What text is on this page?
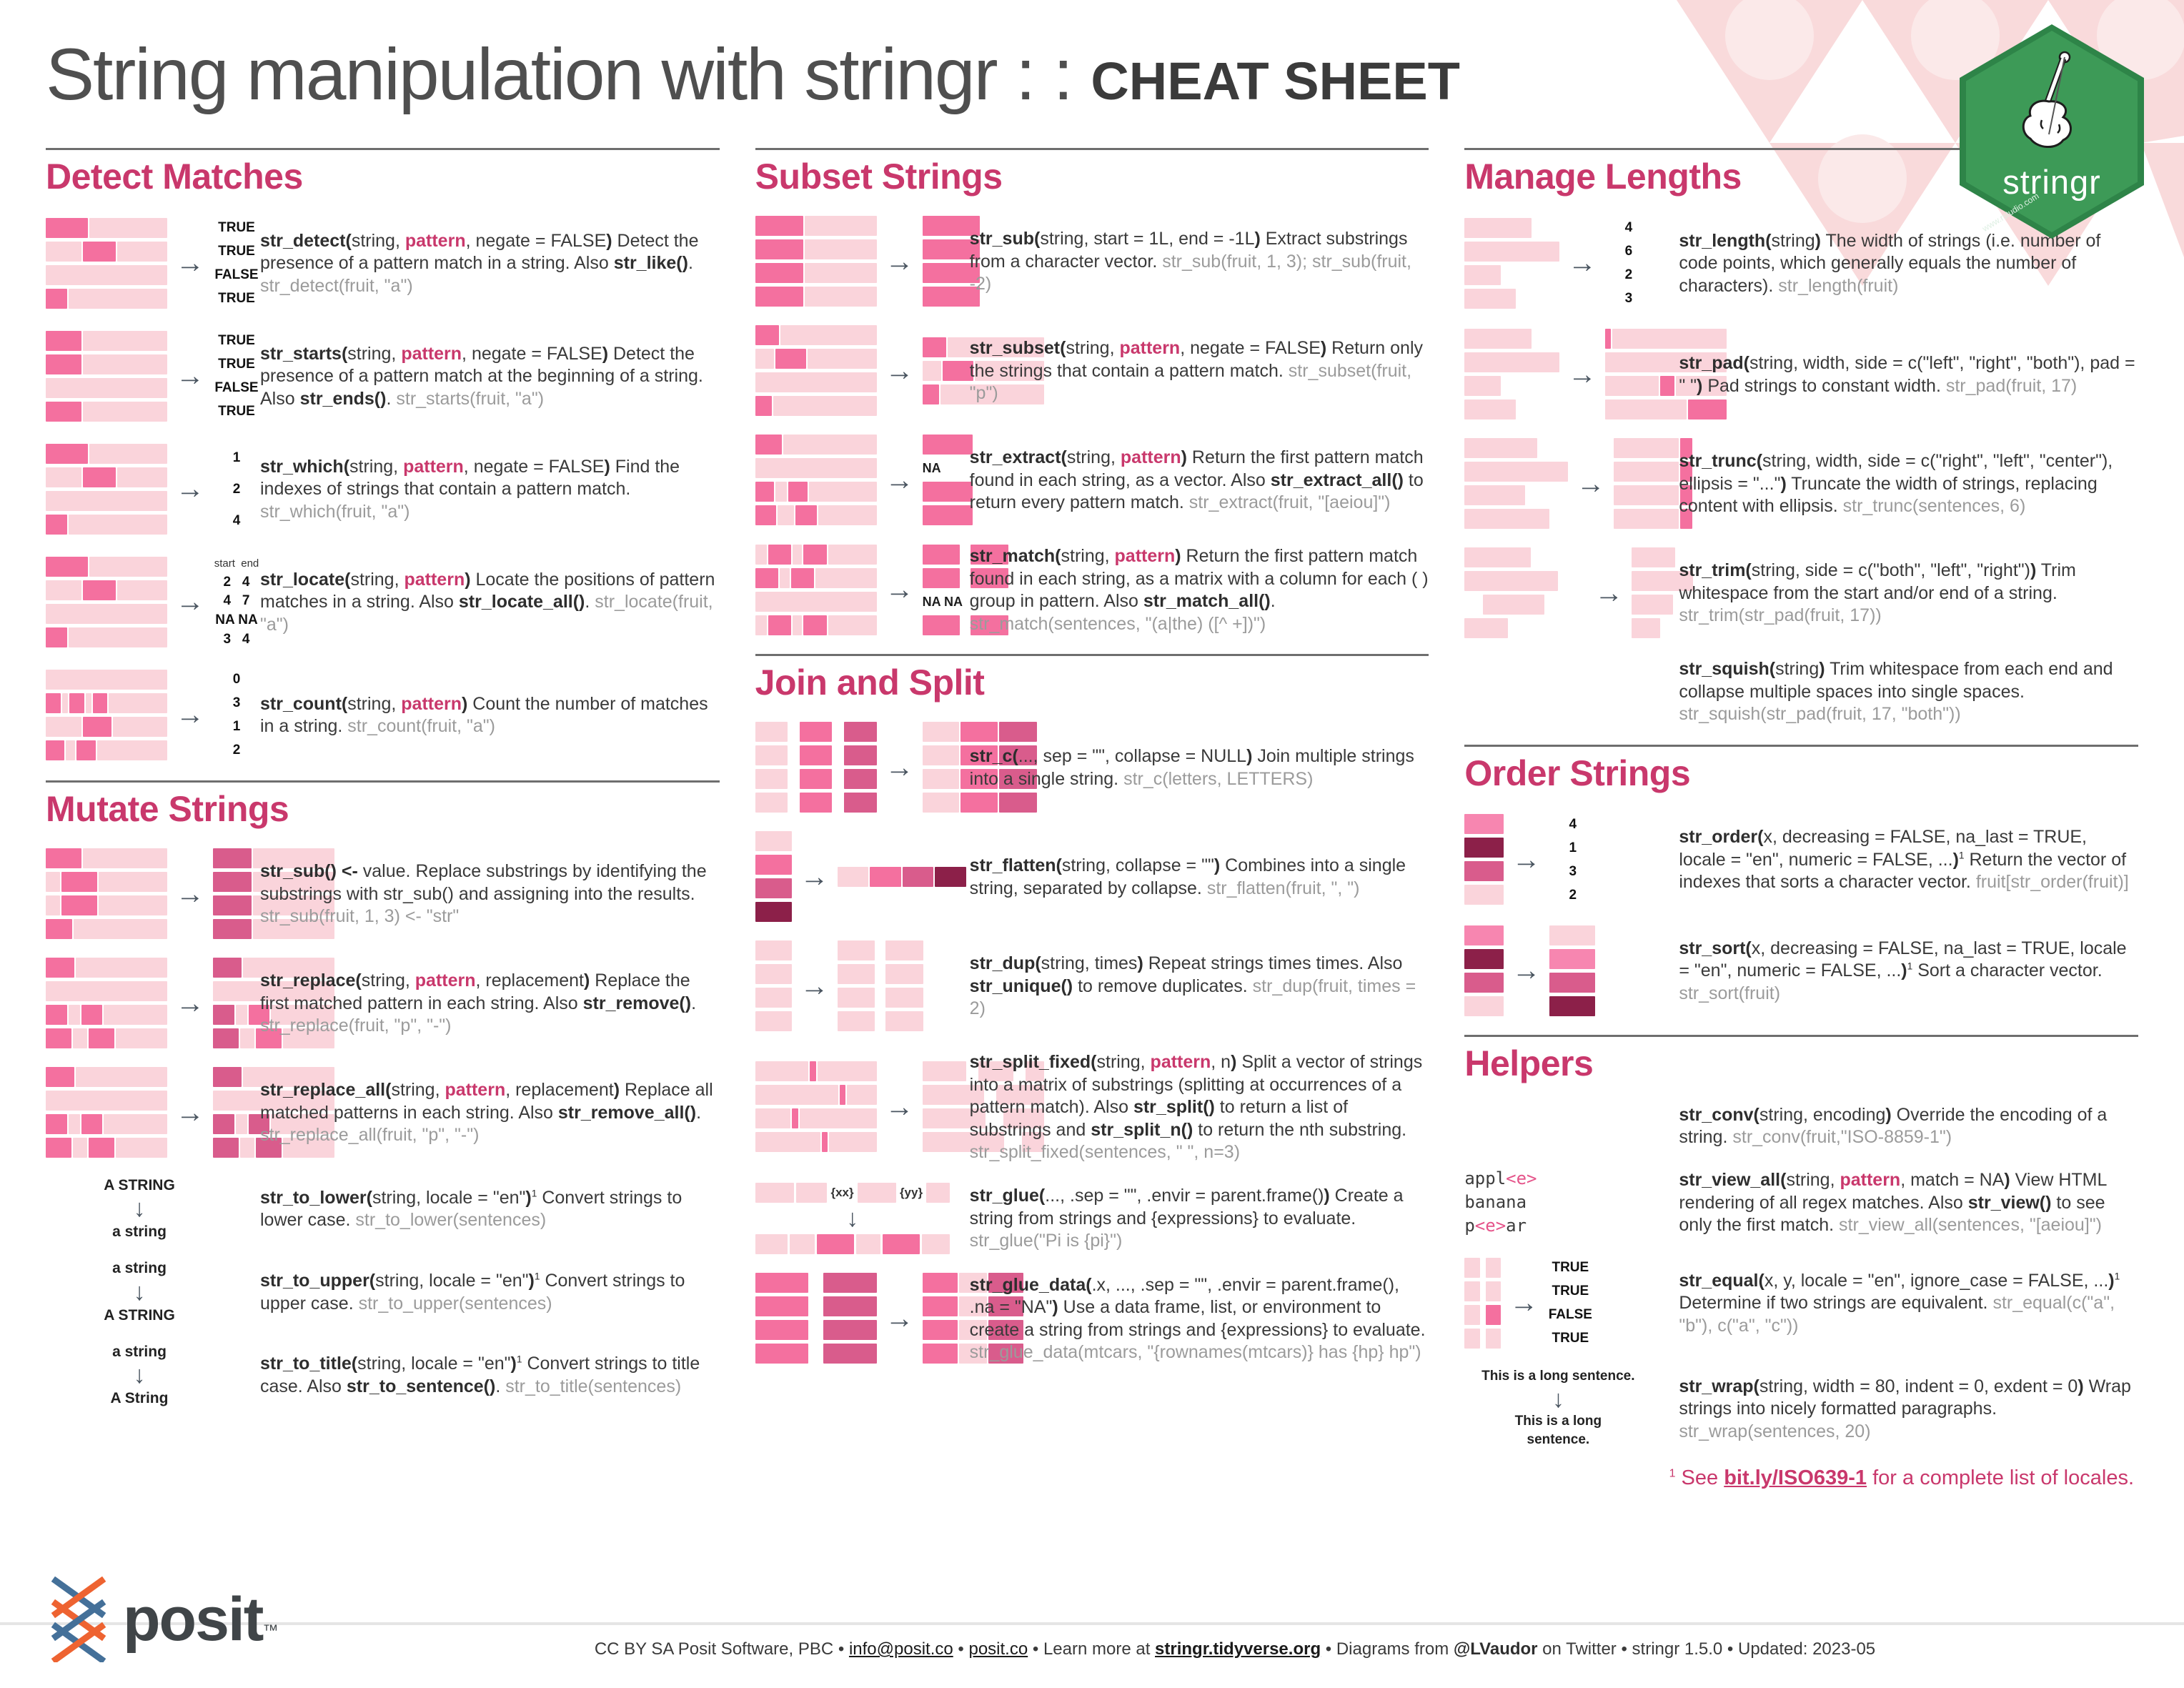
stringr
www.rstudio.com
String manipulation with stringr : : CHEAT SHEET
Detect Matches
→
TRUE
TRUE
FALSE
TRUE
str_detect(string, pattern, negate = FALSE) Detect the presence of a pattern match in a string. Also str_like(). str_detect(fruit, "a")
→
TRUE
TRUE
FALSE
TRUE
str_starts(string, pattern, negate = FALSE) Detect the presence of a pattern match at the beginning of a string. Also str_ends(). str_starts(fruit, "a")
→
1
2
4
str_which(string, pattern, negate = FALSE) Find the indexes of strings that contain a pattern match. str_which(fruit, "a")
→
start  end
2   4
4   7
NA NA
3   4
str_locate(string, pattern) Locate the positions of pattern matches in a string. Also str_locate_all(). str_locate(fruit, "a")
→
0
3
1
2
str_count(string, pattern) Count the number of matches in a string. str_count(fruit, "a")
Mutate Strings
→
str_sub() <- value. Replace substrings by identifying the substrings with str_sub() and assigning into the results. str_sub(fruit, 1, 3) <- "str"
→
str_replace(string, pattern, replacement) Replace the first matched pattern in each string. Also str_remove(). str_replace(fruit, "p", "-")
→
str_replace_all(string, pattern, replacement) Replace all matched patterns in each string. Also str_remove_all(). str_replace_all(fruit, "p", "-")
A STRING
↓
a string
str_to_lower(string, locale = "en")$^1$ Convert strings to lower case. str_to_lower(sentences)
a string
↓
A STRING
str_to_upper(string, locale = "en")$^1$ Convert strings to upper case. str_to_upper(sentences)
a string
↓
A String
str_to_title(string, locale = "en")$^1$ Convert strings to title case. Also str_to_sentence(). str_to_title(sentences)
Subset Strings
→
str_sub(string, start = 1L, end = -1L) Extract substrings from a character vector. str_sub(fruit, 1, 3); str_sub(fruit, -2)
→
str_subset(string, pattern, negate = FALSE) Return only the strings that contain a pattern match. str_subset(fruit, "p")
→ NA
str_extract(string, pattern) Return the first pattern match found in each string, as a vector. Also str_extract_all() to return every pattern match. str_extract(fruit, "[aeiou]")
→ NA NA
str_match(string, pattern) Return the first pattern match found in each string, as a matrix with a column for each ( ) group in pattern. Also str_match_all(). str_match(sentences, "(a|the) ([^ +])")
Join and Split
→	str_c(..., sep = "", collapse = NULL) Join multiple strings into a single string. str_c(letters, LETTERS)
→	str_flatten(string, collapse = "") Combines into a single string, separated by collapse. str_flatten(fruit, ", ")
→
str_dup(string, times) Repeat strings times times. Also str_unique() to remove duplicates. str_dup(fruit, times = 2)
→
str_split_fixed(string, pattern, n) Split a vector of strings into a matrix of substrings (splitting at occurrences of a pattern match). Also str_split() to return a list of substrings and str_split_n() to return the nth substring. str_split_fixed(sentences, " ", n=3)
{xx}	{yy}
↓
str_glue(..., .sep = "", .envir = parent.frame()) Create a string from strings and {expressions} to evaluate. str_glue("Pi is {pi}")
→
str_glue_data(.x, ..., .sep = "", .envir = parent.frame(), .na = "NA") Use a data frame, list, or environment to create a string from strings and {expressions} to evaluate. str_glue_data(mtcars, "{rownames(mtcars)} has {hp} hp")
Manage Lengths
→
4
6
2
3
str_length(string) The width of strings (i.e. number of code points, which generally equals the number of characters). str_length(fruit)
→	str_pad(string, width, side = c("left", "right", "both"), pad = " ") Pad strings to constant width. str_pad(fruit, 17)
→
str_trunc(string, width, side = c("right", "left", "center"), ellipsis = "...") Truncate the width of strings, replacing content with ellipsis. str_trunc(sentences, 6)
→
str_trim(string, side = c("both", "left", "right")) Trim whitespace from the start and/or end of a string. str_trim(str_pad(fruit, 17))
str_squish(string) Trim whitespace from each end and collapse multiple spaces into single spaces. str_squish(str_pad(fruit, 17, "both"))
Order Strings
→
4
1
3
2
str_order(x, decreasing = FALSE, na_last = TRUE, locale = "en", numeric = FALSE, ...)$^1$ Return the vector of indexes that sorts a character vector. fruit[str_order(fruit)]
→
str_sort(x, decreasing = FALSE, na_last = TRUE, locale = "en", numeric = FALSE, ...)$^1$ Sort a character vector. str_sort(fruit)
Helpers
str_conv(string, encoding) Override the encoding of a string. str_conv(fruit,"ISO-8859-1")
appl<e>
banana
p<e>ar
str_view_all(string, pattern, match = NA) View HTML rendering of all regex matches. Also str_view() to see only the first match. str_view_all(sentences, "[aeiou]")
→
TRUE
TRUE
FALSE
TRUE
str_equal(x, y, locale = "en", ignore_case = FALSE, ...)$^1$ Determine if two strings are equivalent. str_equal(c("a", "b"), c("a", "c"))
This is a long sentence.
↓
This is a long
sentence.
str_wrap(string, width = 80, indent = 0, exdent = 0) Wrap strings into nicely formatted paragraphs. str_wrap(sentences, 20)
$^1$ See bit.ly/ISO639-1 for a complete list of locales.
posit™
CC BY SA Posit Software, PBC • info@posit.co • posit.co • Learn more at stringr.tidyverse.org • Diagrams from @LVaudor on Twitter • stringr 1.5.0 • Updated: 2023-05
